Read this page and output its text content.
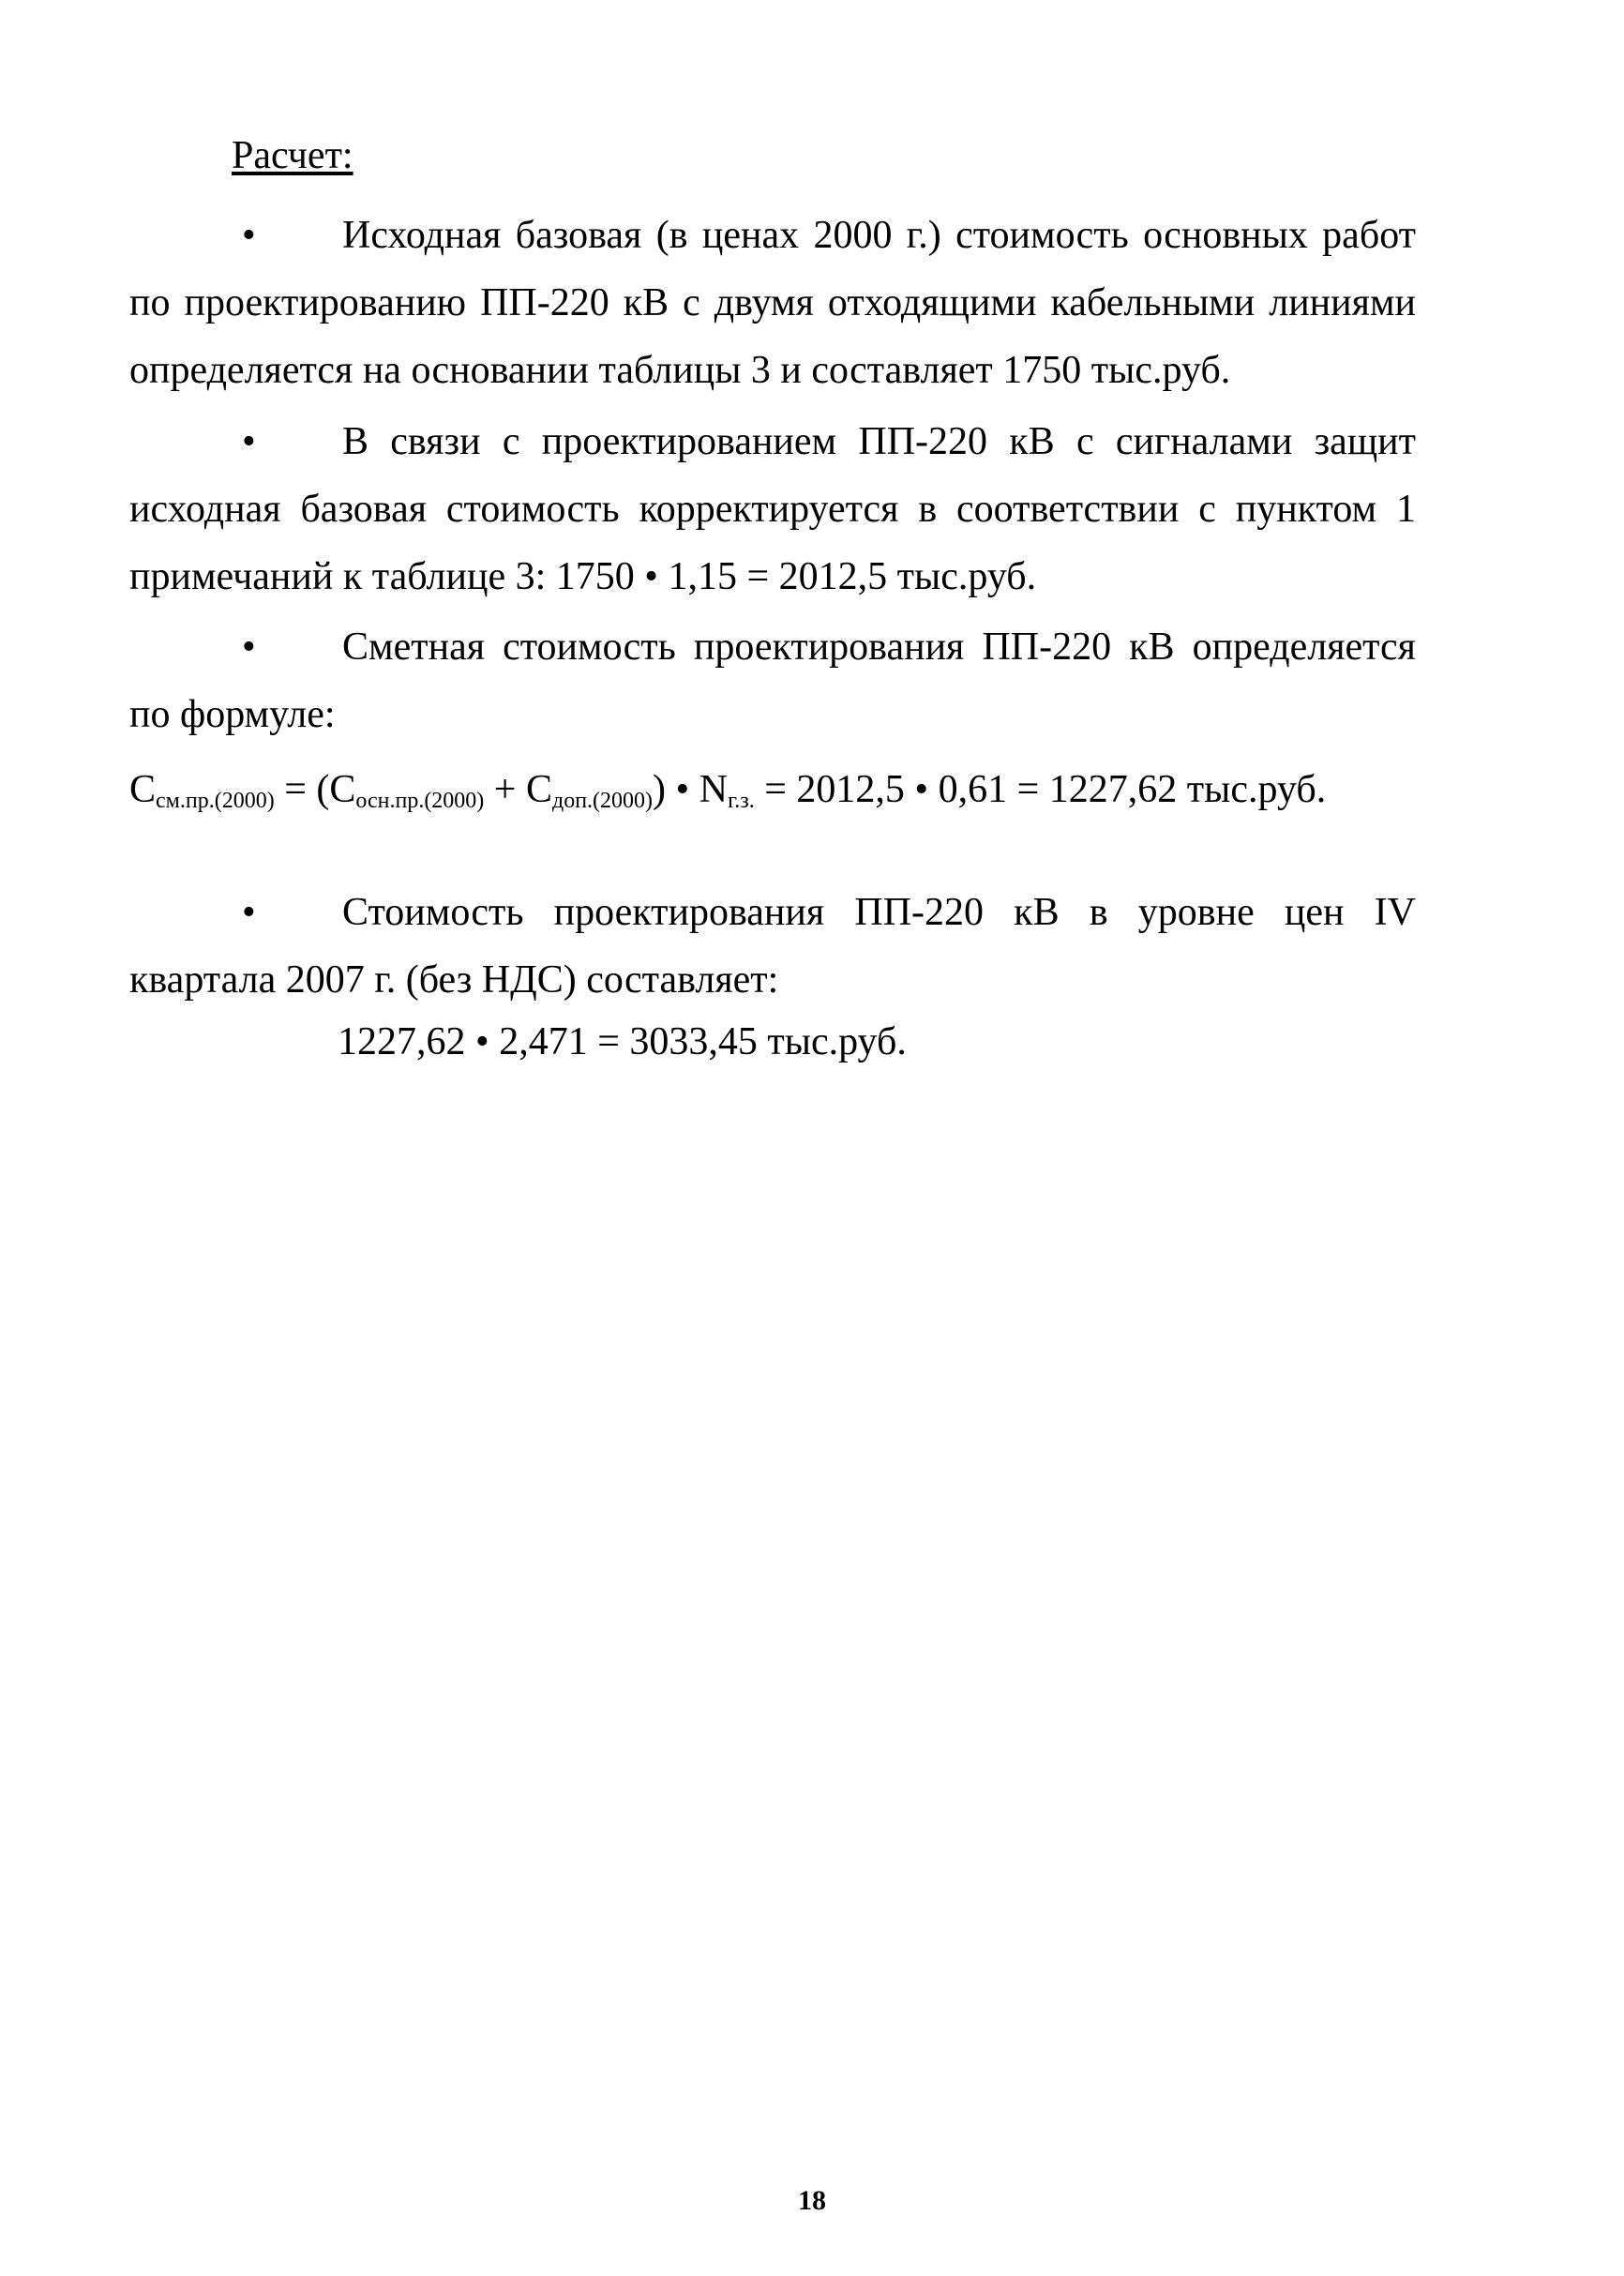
Расчет:
• Исходная базовая (в ценах 2000 г.) стоимость основных работ по проектированию ПП-220 кВ с двумя отходящими кабельными линиями определяется на основании таблицы 3 и составляет 1750 тыс.руб.
• В связи с проектированием ПП-220 кВ с сигналами защит исходная базовая стоимость корректируется в соответствии с пунктом 1 примечаний к таблице 3: 1750 • 1,15 = 2012,5 тыс.руб.
• Сметная стоимость проектирования ПП-220 кВ определяется по формуле:
$С_{см.пр.(2000)} = (С_{осн.пр.(2000)} + С_{доп.(2000)})$ • $N_{г.з.} = 2012,5$ • 0,61 = 1227,62 тыс.руб.
• Стоимость проектирования ПП-220 кВ в уровне цен IV квартала 2007 г. (без НДС) составляет:
1227,62 • 2,471 = 3033,45 тыс.руб.
18
